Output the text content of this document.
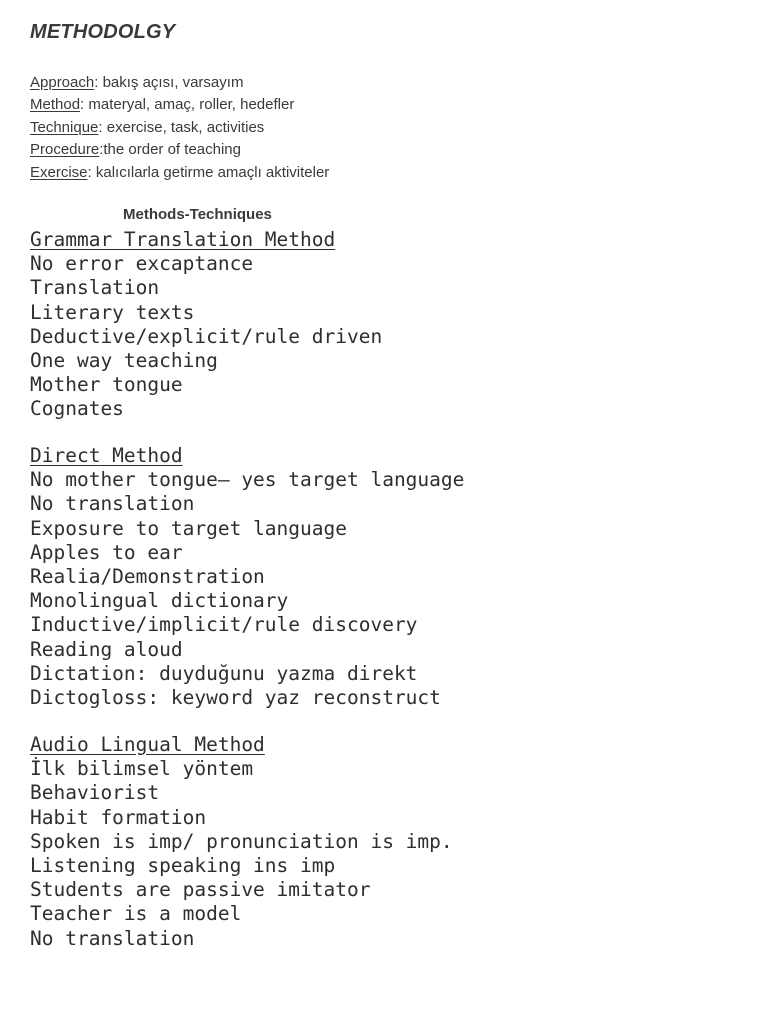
METHODOLGY
Approach: bakış açısı, varsayım
Method: materyal, amaç, roller, hedefler
Technique: exercise, task, activities
Procedure:the order of teaching
Exercise: kalıcılarla getirme amaçlı aktiviteler
Methods-Techniques
Grammar Translation Method
No error excaptance
Translation
Literary texts
Deductive/explicit/rule driven
One way teaching
Mother tongue
Cognates
Direct Method
No mother tongue— yes target language
No translation
Exposure to target language
Apples to ear
Realia/Demonstration
Monolingual dictionary
Inductive/implicit/rule discovery
Reading aloud
Dictation: duyduğunu yazma direkt
Dictogloss: keyword yaz reconstruct
Audio Lingual Method
İlk bilimsel yöntem
Behaviorist
Habit formation
Spoken is imp/ pronunciation is imp.
Listening speaking ins imp
Students are passive imitator
Teacher is a model
No translation
